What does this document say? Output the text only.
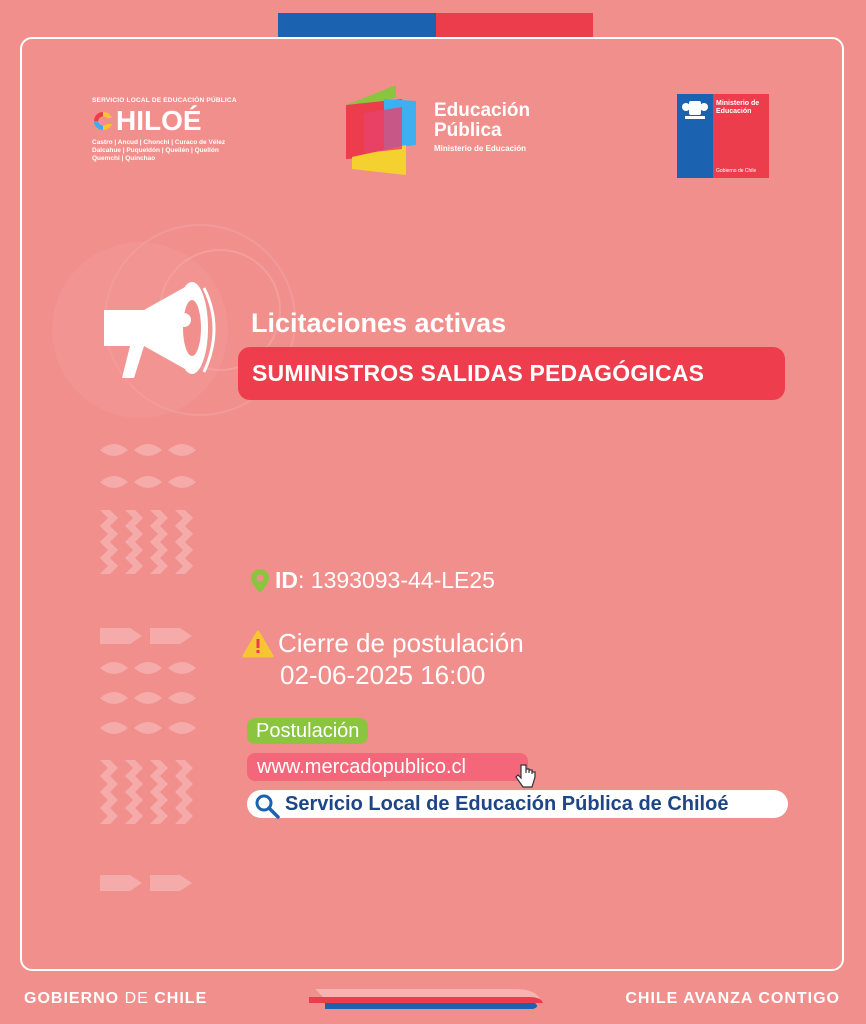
SERVICIO LOCAL DE EDUCACIÓN PÚBLICA
HILOÉ
Castro | Ancud | Chonchi | Curaco de Vélez
Dalcahue | Puqueldón | Queilén | Quellón
Quemchi | Quinchao
Educación
Pública
Ministerio de Educación
Ministerio de
Educación
Gobierno de Chile
Licitaciones activas
SUMINISTROS SALIDAS PEDAGÓGICAS
ID : 1393093-44-LE25
Cierre de postulación
02-06-2025 16:00
Postulación
www.mercadopublico.cl
Servicio Local de Educación Pública de Chiloé
GOBIERNO DE CHILE	CHILE AVANZA CONTIGO
